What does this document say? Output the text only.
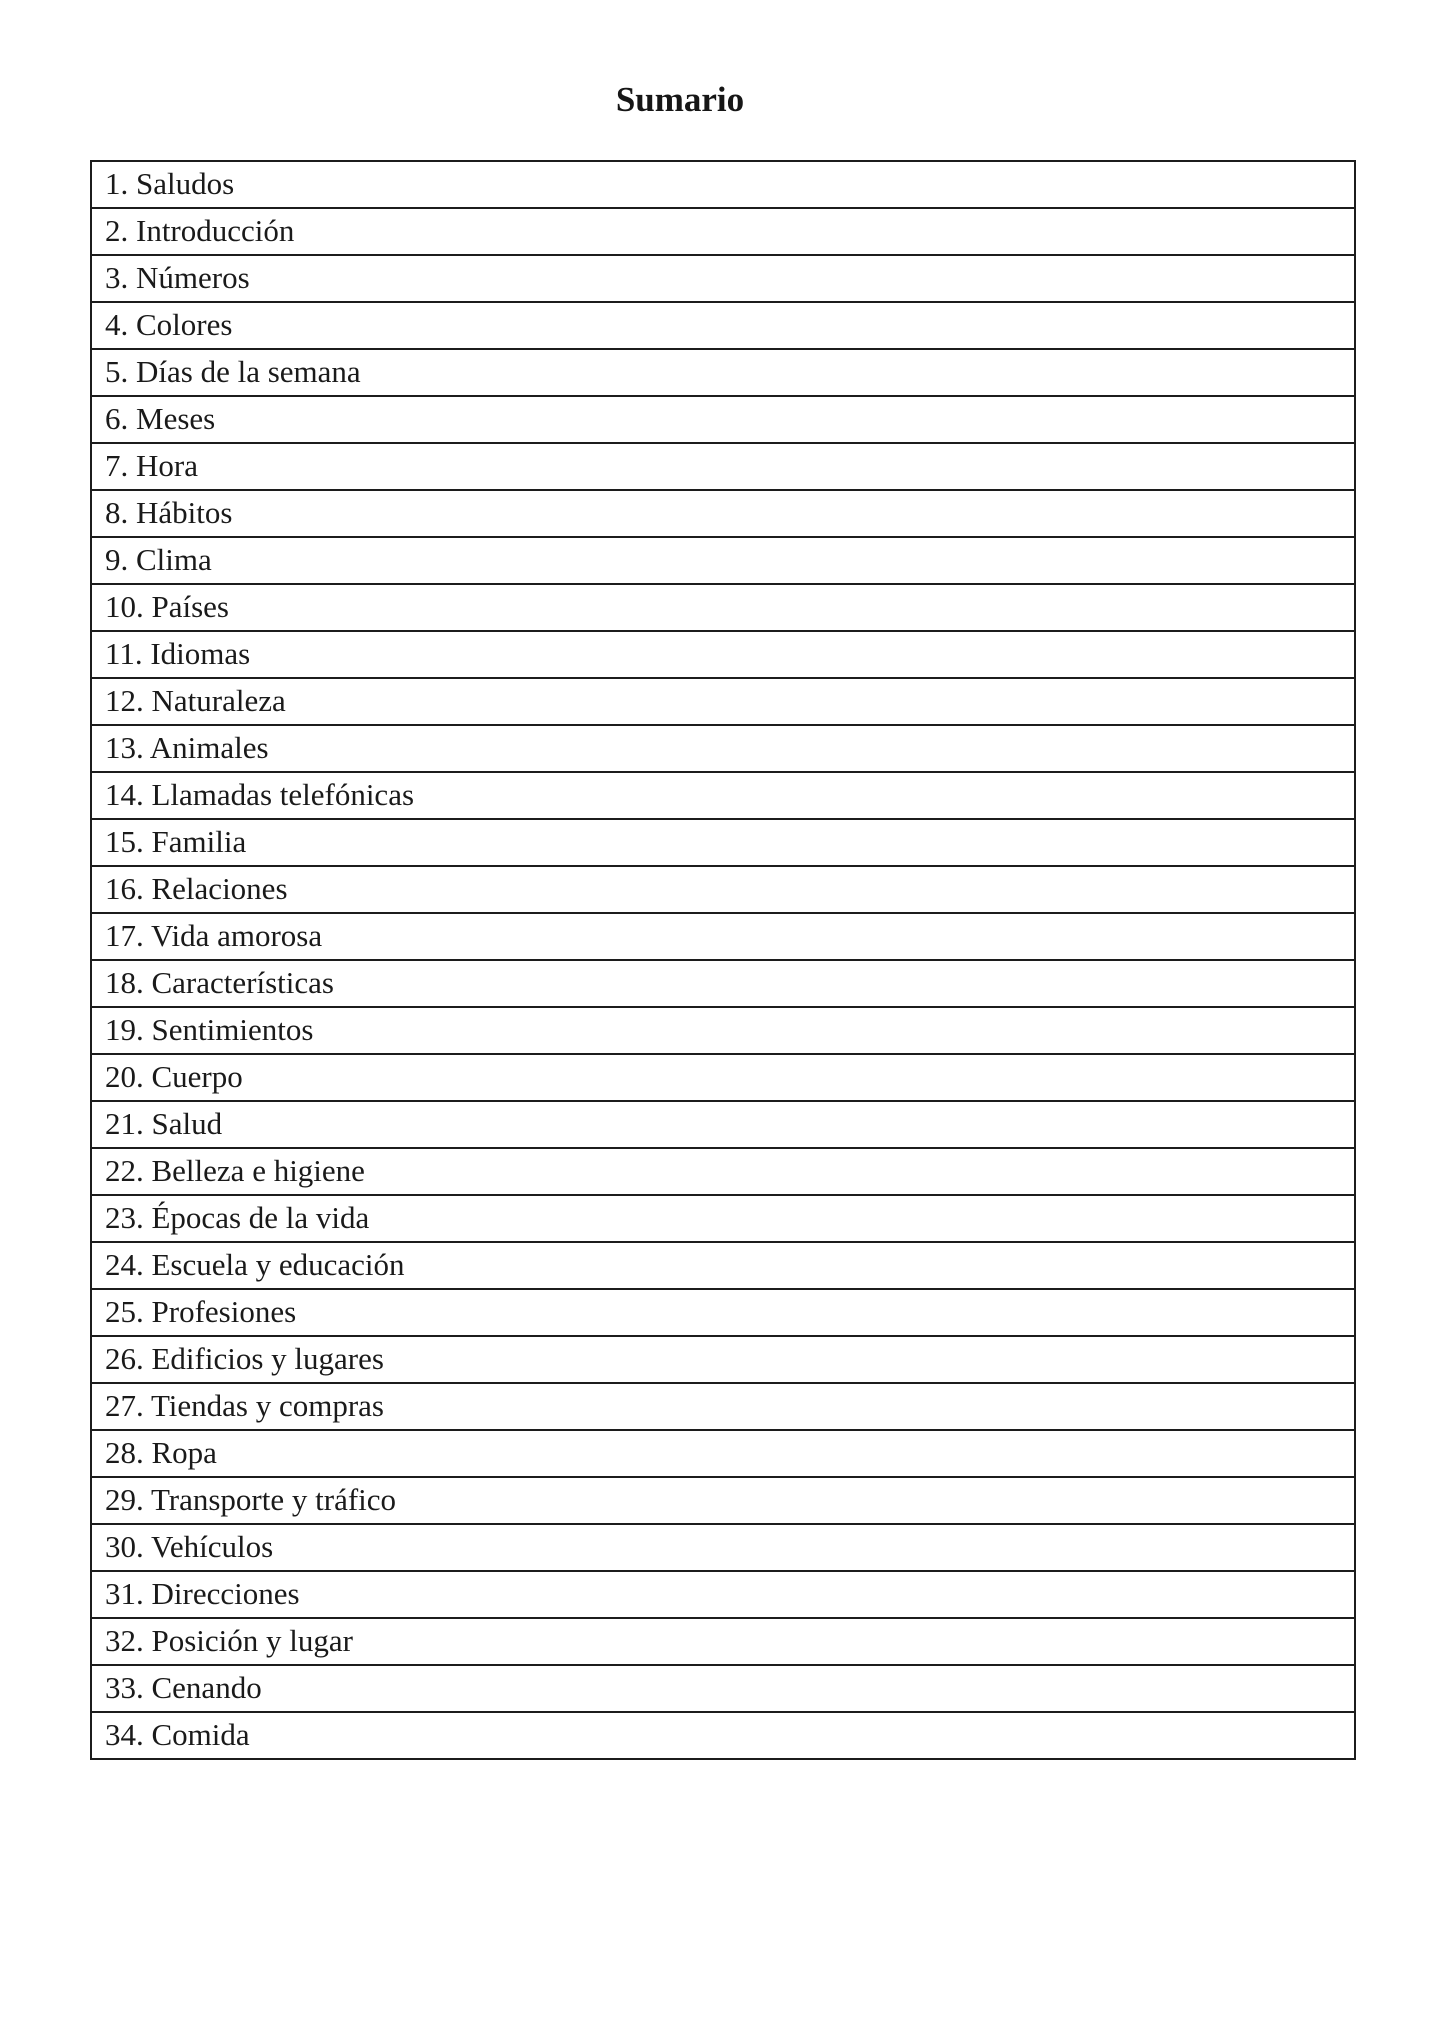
Sumario
1. Saludos
2. Introducción
3. Números
4. Colores
5. Días de la semana
6. Meses
7. Hora
8. Hábitos
9. Clima
10. Países
11. Idiomas
12. Naturaleza
13. Animales
14. Llamadas telefónicas
15. Familia
16. Relaciones
17. Vida amorosa
18. Características
19. Sentimientos
20. Cuerpo
21. Salud
22. Belleza e higiene
23. Épocas de la vida
24. Escuela y educación
25. Profesiones
26. Edificios y lugares
27. Tiendas y compras
28. Ropa
29. Transporte y tráfico
30. Vehículos
31. Direcciones
32. Posición y lugar
33. Cenando
34. Comida
